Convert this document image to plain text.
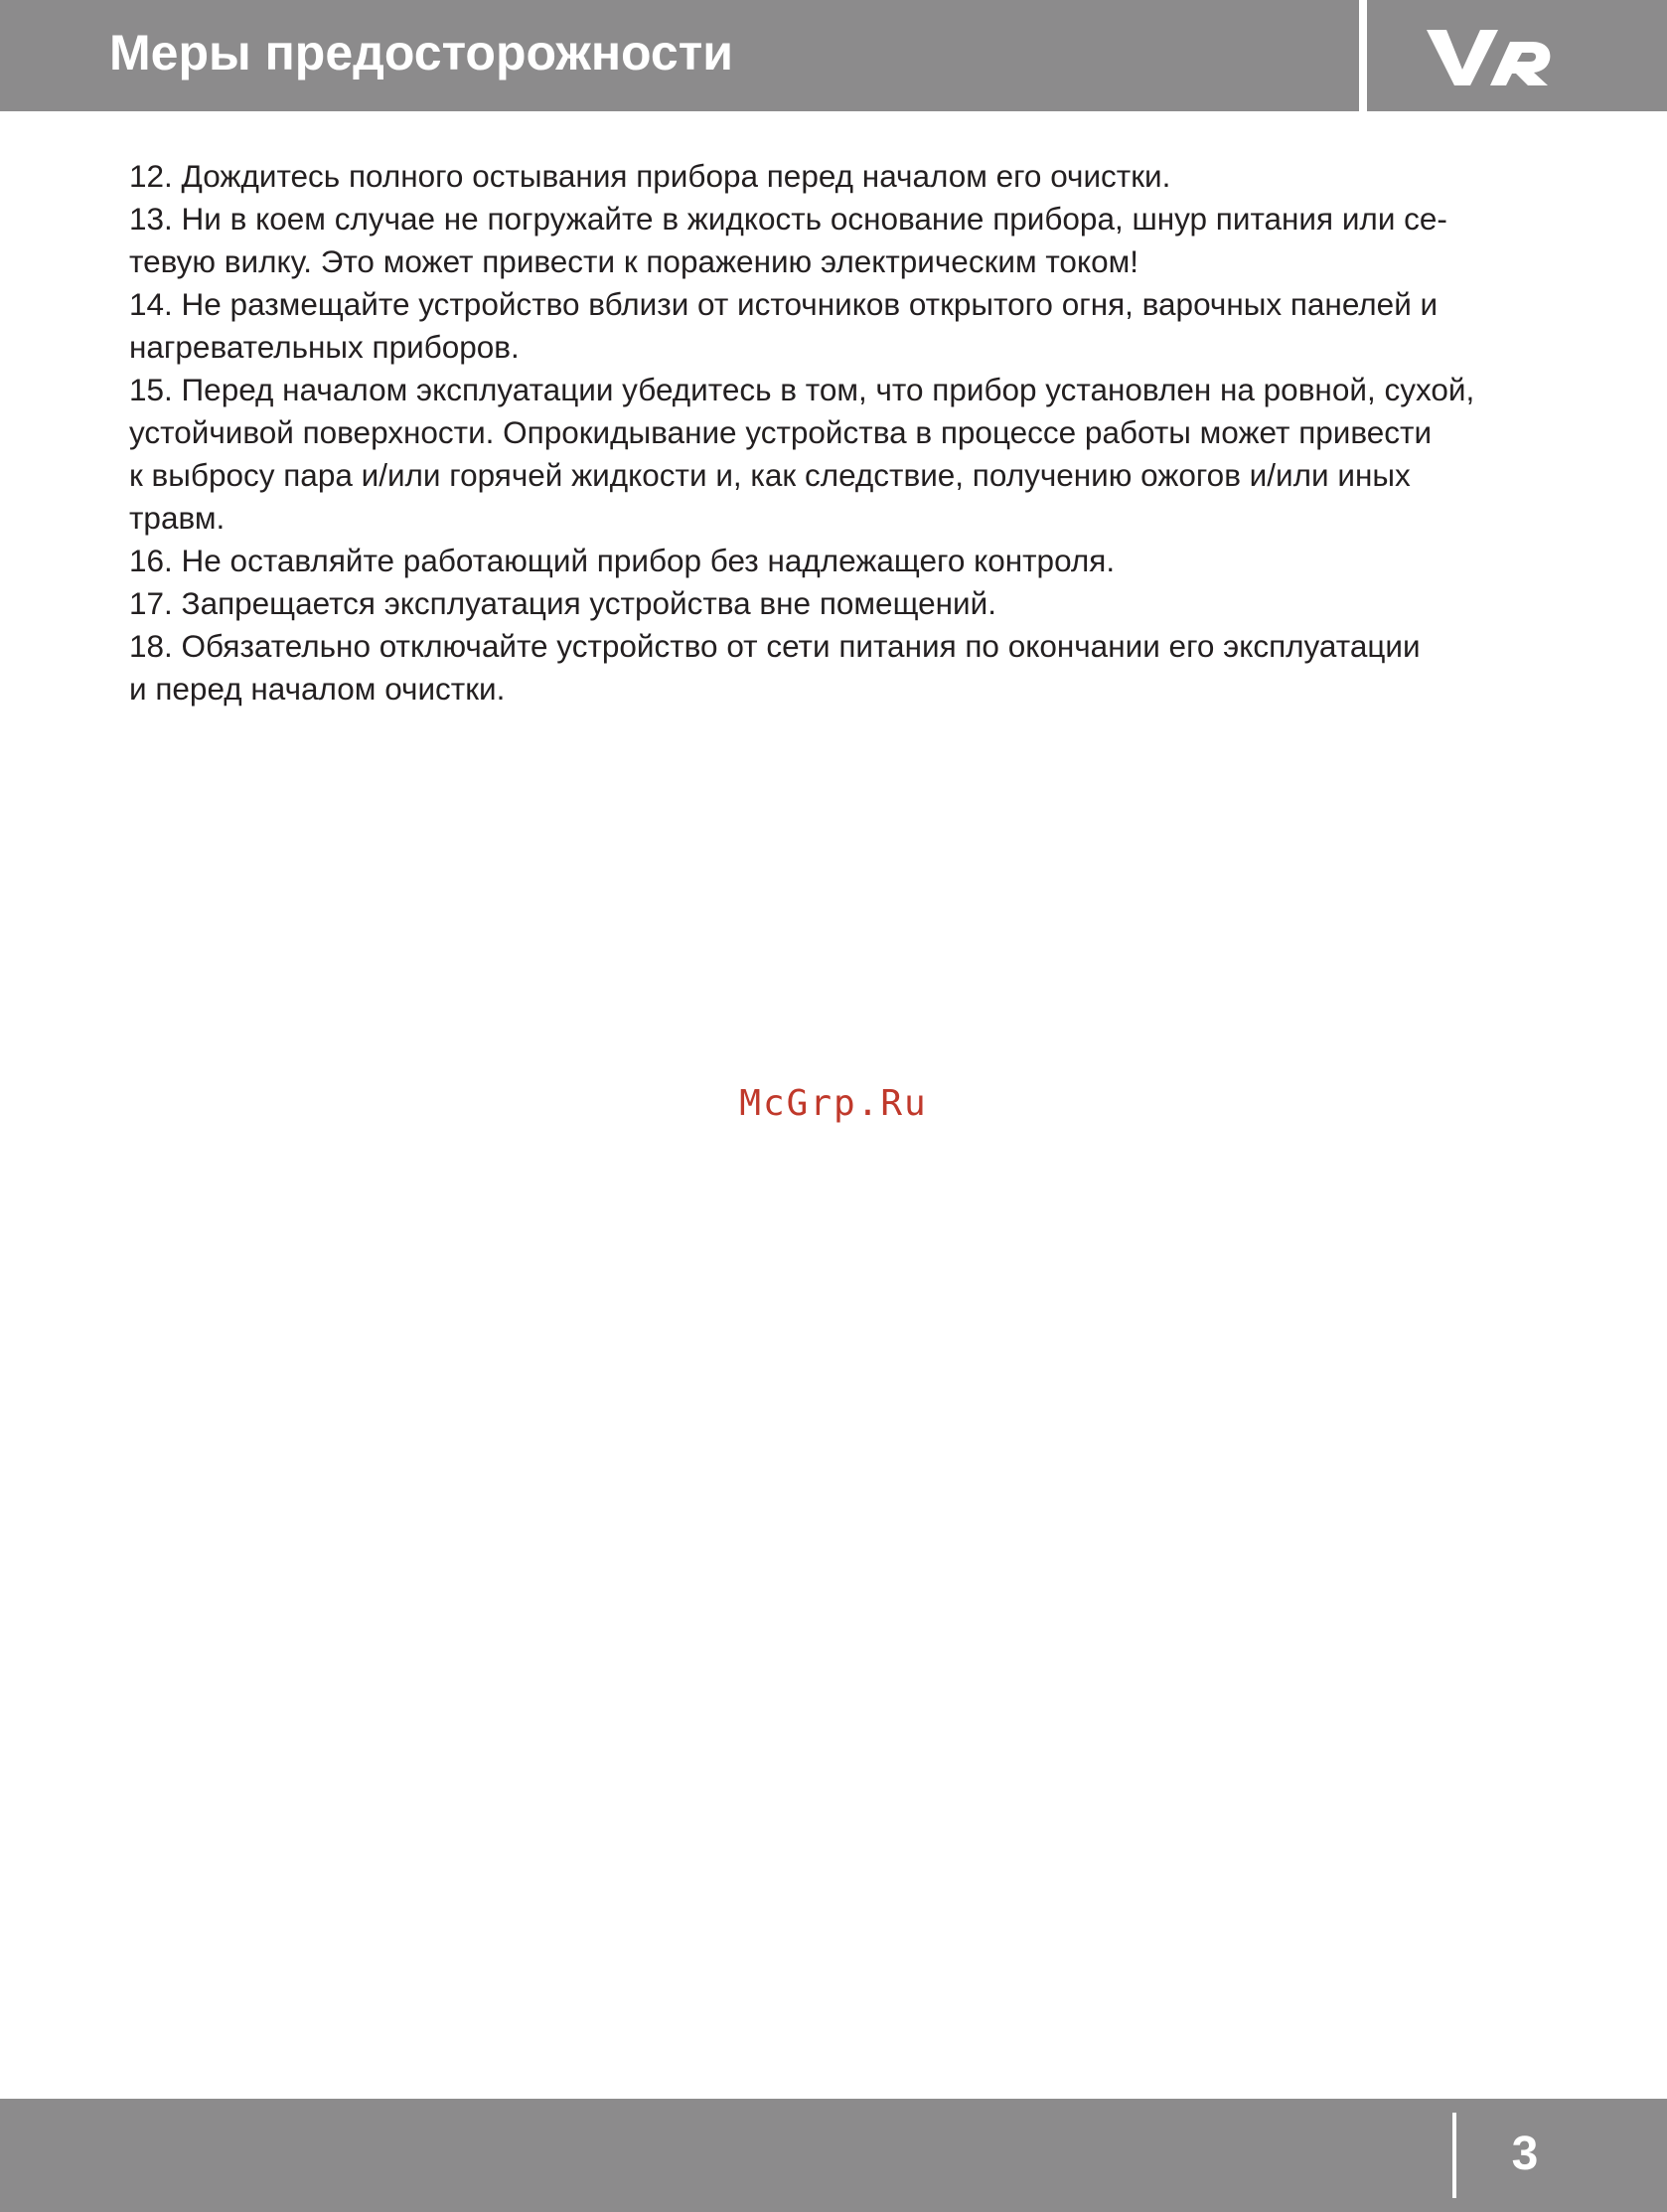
Меры предосторожности

12. Дождитесь полного остывания прибора перед началом его очистки.

13. Ни в коем случае не погружайте в жидкость основание прибора, шнур питания или се-
тевую вилку. Это может привести к поражению электрическим током!

14. Не размещайте устройство вблизи от источников открытого огня, варочных панелей и
нагревательных приборов.

15. Перед началом эксплуатации убедитесь в том, что прибор установлен на ровной, сухой,
устойчивой поверхности. Опрокидывание устройства в процессе работы может привести
к выбросу пара и/или горячей жидкости и, как следствие, получению ожогов и/или иных
травм.

16. Не оставляйте работающий прибор без надлежащего контроля.

17. Запрещается эксплуатация устройства вне помещений.

18. Обязательно отключайте устройство от сети питания по окончании его эксплуатации
и перед началом очистки.

McGrp.Ru
3
